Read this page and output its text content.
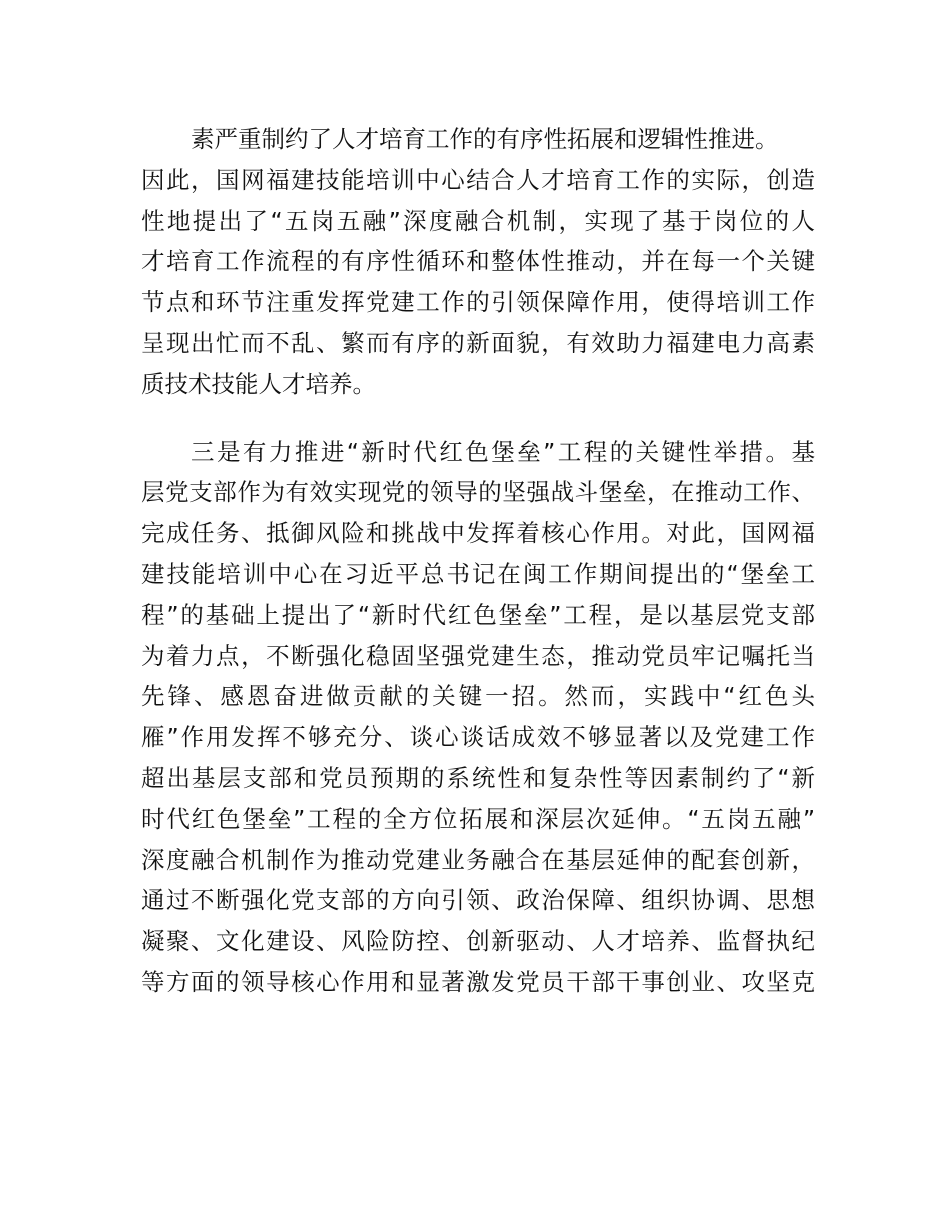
素严重制约了人才培育工作的有序性拓展和逻辑性推进。
因此，国网福建技能培训中心结合人才培育工作的实际，创造
性地提出了“五岗五融”深度融合机制，实现了基于岗位的人
才培育工作流程的有序性循环和整体性推动，并在每一个关键
节点和环节注重发挥党建工作的引领保障作用，使得培训工作
呈现出忙而不乱、繁而有序的新面貌，有效助力福建电力高素
质技术技能人才培养。
三是有力推进“新时代红色堡垒”工程的关键性举措。基
层党支部作为有效实现党的领导的坚强战斗堡垒，在推动工作、
完成任务、抵御风险和挑战中发挥着核心作用。对此，国网福
建技能培训中心在习近平总书记在闽工作期间提出的“堡垒工
程”的基础上提出了“新时代红色堡垒”工程，是以基层党支部
为着力点，不断强化稳固坚强党建生态，推动党员牢记嘱托当
先锋、感恩奋进做贡献的关键一招。然而，实践中“红色头
雁”作用发挥不够充分、谈心谈话成效不够显著以及党建工作
超出基层支部和党员预期的系统性和复杂性等因素制约了“新
时代红色堡垒”工程的全方位拓展和深层次延伸。“五岗五融”
深度融合机制作为推动党建业务融合在基层延伸的配套创新，
通过不断强化党支部的方向引领、政治保障、组织协调、思想
凝聚、文化建设、风险防控、创新驱动、人才培养、监督执纪
等方面的领导核心作用和显著激发党员干部干事创业、攻坚克
